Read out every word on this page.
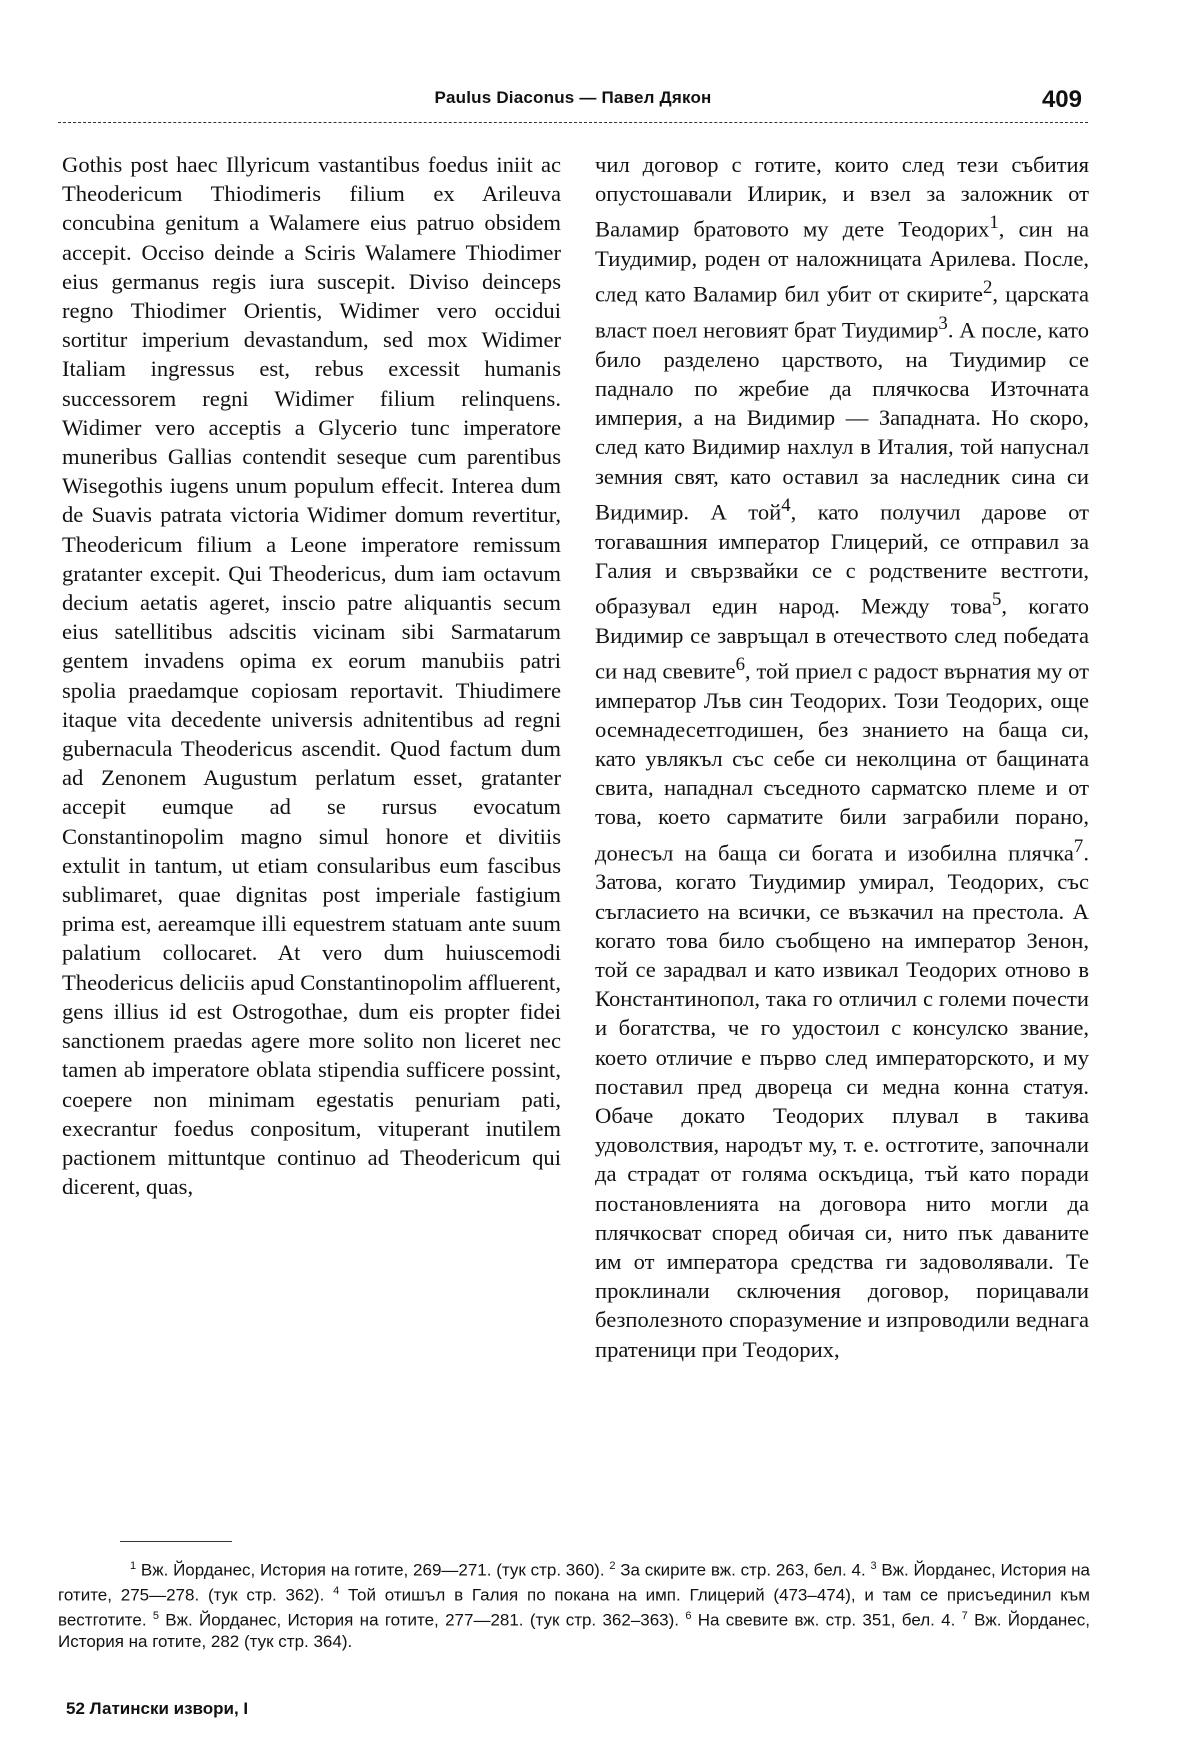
Paulus Diaconus — Павел Дякон	409

Gothis post haec Illyricum vastantibus foedus iniit ac Theodericum Thiodimeris filium ex Arileuva concubina genitum a Walamere eius patruo obsidem accepit. Occiso deinde a Sciris Walamere Thiodimer eius germanus regis iura suscepit. Diviso deinceps regno Thiodimer Orientis, Widimer vero occidui sortitur imperium devastandum, sed mox Widimer Italiam ingressus est, rebus excessit humanis successorem regni Widimer filium relinquens. Widimer vero acceptis a Glycerio tunc imperatore muneribus Gallias contendit seseque cum parentibus Wisegothis iugens unum populum effecit. Interea dum de Suavis patrata victoria Widimer domum revertitur, Theodericum filium a Leone imperatore remissum gratanter excepit. Qui Theodericus, dum iam octavum decium aetatis ageret, inscio patre aliquantis secum eius satellitibus adscitis vicinam sibi Sarmatarum gentem invadens opima ex eorum manubiis patri spolia praedamque copiosam reportavit. Thiudimere itaque vita decedente universis adnitentibus ad regni gubernacula Theodericus ascendit. Quod factum dum ad Zenonem Augustum perlatum esset, gratanter accepit eumque ad se rursus evocatum Constantinopolim magno simul honore et divitiis extulit in tantum, ut etiam consularibus eum fascibus sublimaret, quae dignitas post imperiale fastigium prima est, aereamque illi equestrem statuam ante suum palatium collocaret. At vero dum huiuscemodi Theodericus deliciis apud Constantinopolim affluerent, gens illius id est Ostrogothae, dum eis propter fidei sanctionem praedas agere more solito non liceret nec tamen ab imperatore oblata stipendia sufficere possint, coepere non minimam egestatis penuriam pati, execrantur foedus conpositum, vituperant inutilem pactionem mittuntque continuo ad Theodericum qui dicerent, quas,

чил договор с готите, които след тези събития опустошавали Илирик, и взел за заложник от Валамир братовото му дете Теодорих$^1$, син на Тиудимир, роден от наложницата Арилева. После, след като Валамир бил убит от скирите$^2$, царската власт поел неговият брат Тиудимир$^3$. А после, като било разделено царството, на Тиудимир се паднало по жребие да плячкосва Източната империя, а на Видимир — Западната. Но скоро, след като Видимир нахлул в Италия, той напуснал земния свят, като оставил за наследник сина си Видимир. А той$^4$, като получил дарове от тогавашния император Глицерий, се отправил за Галия и свързвайки се с родствените вестготи, образувал един народ. Между това$^5$, когато Видимир се завръщал в отечеството след победата си над свевите$^6$, той приел с радост върнатия му от император Лъв син Теодорих. Този Теодорих, още осемнадесетгодишен, без знанието на баща си, като увлякъл със себе си неколцина от бащината свита, нападнал съседното сарматско племе и от това, което сарматите били заграбили порано, донесъл на баща си богата и изобилна плячка$^7$. Затова, когато Тиудимир умирал, Теодорих, със съгласието на всички, се възкачил на престола. А когато това било съобщено на император Зенон, той се зарадвал и като извикал Теодорих отново в Константинопол, така го отличил с големи почести и богатства, че го удостоил с консулско звание, което отличие е първо след императорското, и му поставил пред двореца си медна конна статуя. Обаче докато Теодорих плувал в такива удоволствия, народът му, т. е. остготите, започнали да страдат от голяма оскъдица, тъй като поради постановленията на договора нито могли да плячкосват според обичая си, нито пък даваните им от императора средства ги задоволявали. Те проклинали сключения договор, порицавали безполезното споразумение и изпроводили веднага пратеници при Теодорих,

$^1$ Вж. Йорданес, История на готите, 269—271. (тук стр. 360). $^2$ За скирите вж. стр. 263, бел. 4. $^3$ Вж. Йорданес, История на готите, 275—278. (тук стр. 362). $^4$ Той отишъл в Галия по покана на имп. Глицерий (473–474), и там се присъединил към вестготите. $^5$ Вж. Йорданес, История на готите, 277—281. (тук стр. 362–363). $^6$ На свевите вж. стр. 351, бел. 4. $^7$ Вж. Йорданес, История на готите, 282 (тук стр. 364).
52 Латински извори, I
